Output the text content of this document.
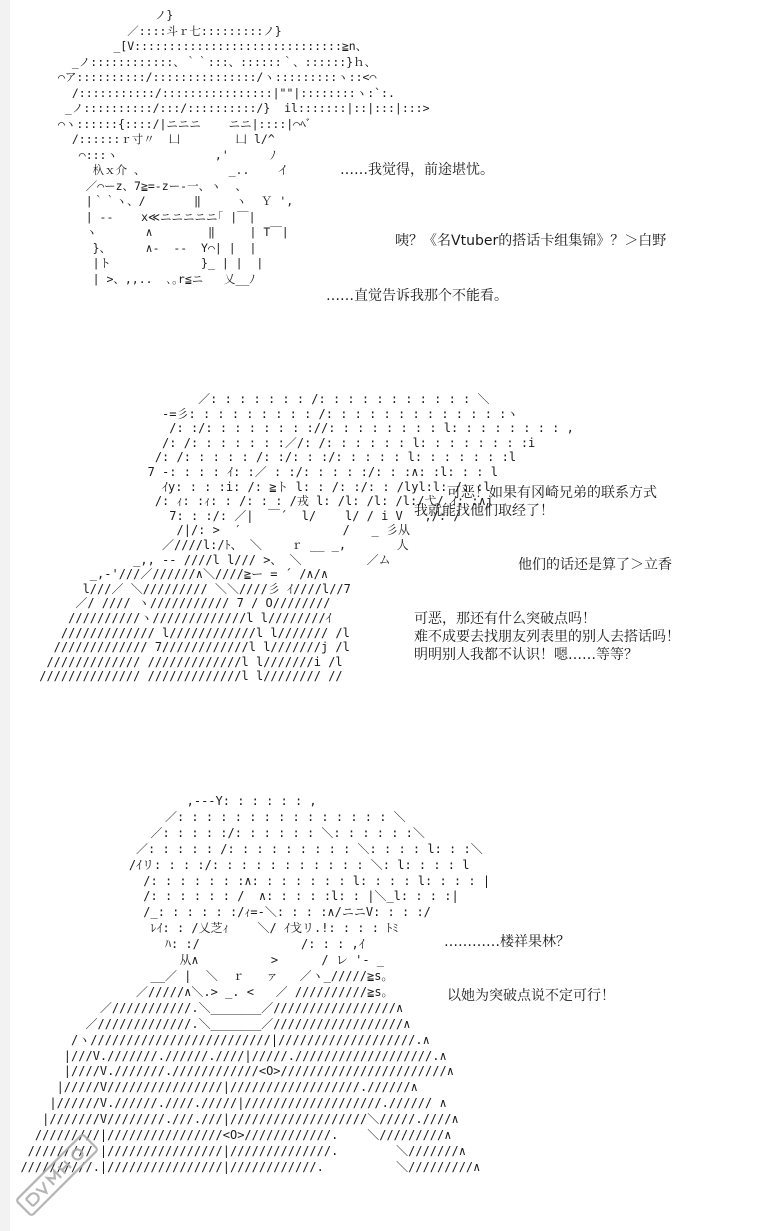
ノ}
／::::斗ｒ七:::::::::ノ}
_[V::::::::::::::::::::::::::::::≧n、
_ノ::::::::::::、｀｀:::、::::::｀、::::::}ｈ、
⌒ア::::::::::/:::::::::::::::/ヽ:::::::::ヽ::<⌒
/:::::::::::/::::::::::::::::|""|::::::::ヽ:`:.
_ノ::::::::::/:::/::::::::::/}  il:::::::|::|:::|:::>
⌒ヽ::::::{::::/|ニニニ    ニニ|::::|⌒ﾍﾞ
/::::::ｒ寸〃  凵        凵 l/^
⌒:::ヽ              ,'      ﾉ
杁ｘ介 、            _..    イ
／⌒ーz、7≧=-zー‐一、ヽ  、
|｀｀ヽ、/       ‖     ヽ  Ｙ ',
| ‐‐    x≪ニニニニニ｢ |￣|
ヽ       ∧        ‖     | T￣|
}、     ∧-  --  Y⌒| |  |
|ト             }_ | |  |
| >、,,..  ､｡r≦ニ   乂__ﾉ
……我觉得，前途堪忧。
咦？《名Vtuber的搭话卡组集锦》？＞白野
……直觉告诉我那个不能看。
／: : : : : : : /: : : : : : : : : : : ＼
-=彡: : : : : : : : : /: : : : : : : : : : : : :ヽ
/: :/: : : : : : : ://: : : : : : : : l: : : : : : : : ,
/: /: : : : : : :／/: /: : : : : : l: : : : : : : :i
/: /: : : : : /: :/: : :/: : : : : l: : : : : : :l
7 ‐: : : : ｲ: :／ : :/: : : : :/: : :∧: :l: : : l
ｲy: : : :i: /: ≧ト l: : /: :/: : /lyl:l: /: :l
/: ｨ: :ｨ: : /: : : /戎 l: /l: /l: /l:/弋/ ｲ: :∧j
7: : :/: ／|  ￣´  l/    l/ / i V   ,/: /
/|/: >  ′              /   _ 彡从
／////l:/ﾄ、 ＼    ｒ __ _,       人
_,, -- ////l l/// >、 ＼         ／ム
_,-'///／//////∧＼////≧ー = ´ /∧/∧
l///／ ＼///////// ＼＼////彡 ｲ////l//7
／/ //// ヽ/////////// 7 / O////////
//////////ヽ/////////////l l////////ｲ
///////////// l////////////l l/////// /l
///////////// 7////////////l l///////j /l
///////////// /////////////l l///////i /l
////////////// /////////////l l//////// //
可恶！如果有冈崎兄弟的联系方式
我就能找他们取经了！
他们的话还是算了＞立香
可恶，那还有什么突破点吗！
难不成要去找朋友列表里的别人去搭话吗！
明明别人我都不认识！嗯……等等？
,‐‐‐Y: : : : : : ,
／: : : : : : : : : : : : : : : ＼
／: : : : :/: : : : : : ＼: : : : : :＼
／: : : : : /: : : : : : : : : ＼: : : : l: : :＼
/ｲリ: : : :/: : : : : : : : : : : ＼: l: : : : l
/: : : : : : :∧: : : : : : : l: : : : l: : : : |
/: : : : : : /  ∧: : : : :l: : |＼_l: : : :|
/_: : : : : :/ｨ=-＼: : : :∧/ニニV: : : :/
ﾚｲ: : /乂芝ｨ    ＼/ ｲ戈リ.!: : : : ﾄﾐ
ﾊ: :/              /: : : ,ｲ
从∧          >      / レ '‐ _
__／ |  ＼  ｒ   ァ   ／ヽ_/////≧s。
／/////∧＼.> _. <   ／ //////////≧s。
／///////////.＼_______／/////////////////∧
／/////////////.＼_______／//////////////////∧
/ヽ/////////////////////////|///////////////////.∧
|///V.///////.//////.////|/////.///////////////////.∧
|////V.///////.////////////<O>///////////////////////∧
|/////V////////////////|//////////////////.//////∧
|//////V.//////.////./////|///////////////////.////// ∧
|///////V////////.///.///|///////////////////＼/////.////∧
/////////|////////////////<O>////////////.    ＼/////////∧
///////// |////////////////|//////////////.        ＼///////∧
//////////.|////////////////|////////////.          ＼/////////∧
…………楼祥果林？
以她为突破点说不定可行！
